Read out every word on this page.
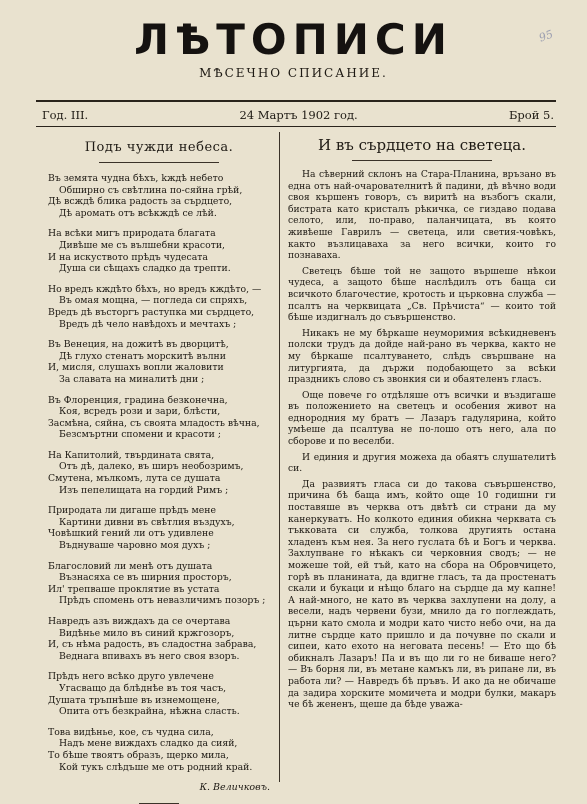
95
ЛѢТОПИСИ
МѢСЕЧНО СПИСАНИЕ.
Год. III.	24 Мартъ 1902 год.	Брой 5.
Подъ чужди небеса.
Въ земята чудна бѣхъ, kждѣ небето
Обширно съ свѣтлина по-сяйна грѣй,
Дѣ всждѣ блика радость за сърдцето,
Дѣ аромать отъ всѣкждѣ се лѣй.
На всѣки мигъ природата благата
Дивѣше ме съ вълшебни красоти,
И на искуството прѣдъ чудесата
Душа си сѣщахъ сладко да трепти.
Но вредъ кждѣто бѣхъ, но вредъ кждѣто, —
Въ омая мощна, — погледа си спряхъ,
Вредъ дѣ въсторгъ раступка ми сърдцето,
Вредъ дѣ чело навѣдохъ и мечтахъ ;
Въ Венеция, на дожитѣ въ дворцитѣ,
Дѣ глухо стенатъ морскитѣ вълни
И, мисля, слушахъ вопли жаловити
За славата на миналитѣ дни ;
Въ Флоренция, градина безконечна,
Коя, всредъ рози и зари, блѣсти,
Засмѣна, сяйна, съ своята младость вѣчна,
Безсмъртни спомени и красоти ;
На Капитолий, твърдината свята,
Отъ дѣ, далеко, въ ширъ необозримъ,
Смутена, мълкомъ, лута се душата
Изъ пепелищата на гордий Римъ ;
Природата ли дигаше прѣдъ мене
Картини дивни въ свѣтлия въздухъ,
Човѣшкий гений ли отъ удивлене
Въднуваше чаровно моя духъ ;
Благословий ли менѣ отъ душата
Възнасяха се въ ширния просторъ,
Ил' трепваше проклятие въ устата
Прѣдъ спомень отъ невазличимъ позоръ ;
Навредъ азъ виждахъ да се очертава
Видѣнье мило въ синий кржгозоръ,
И, съ нѣма радость, въ сладостна забрава,
Веднага впивахъ въ него своя взоръ.
Прѣдъ него всѣко друго увлечене
Угасващо да блѣднѣе въ тоя часъ,
Душата тръпнѣше въ изнемощене,
Опита отъ безкрайна, нѣжна сласть.
Това видѣнье, кое, съ чудна сила,
Надъ мене виждахъ сладко да сияй,
То бѣше твоятъ образъ, щерко мила,
Кой тукъ слѣдъше ме отъ родний край.
К. Величковъ.
И въ сърдцето на светеца.

На сѣверний склонъ на Стара-Планина, връзано въ една отъ най-очарователнитѣ й падини, дѣ вѣчно води своя кършенъ говоръ, съ виритѣ на възбогъ скали, бистрата като кристалъ рѣкичка, се гиздаво подава селото, или, по-право, паланчицата, въ която живѣеше Гаврилъ — светеца, или светия-човѣкъ, както възлицаваха за него всички, които го познаваха.

Светецъ бѣше той не защото вършеше нѣкои чудеса, а защото бѣше наслѣдилъ отъ баща си всичкото благочестие, кротость и църковна служба — псалтъ на черквицата „Св. Прѣчиста“ — които той бѣше издигналъ до съвършенство.

Никакъ не му бѣркаше неуморимия всѣкидневенъ полски трудъ да дойде най-рано въ черква, както не му бѣркаше псалтуването, слѣдъ свършване на литургията, да държи подобающето за всѣки праздникъ слово съ звонкия си и обаятеленъ гласъ.

Още повече го отдѣляше отъ всички и въздигаше въ положението на светецъ и особения живот на еднородния му братъ — Лазаръ гадулярина, който умѣеше да псалтува не по-лошо отъ него, ала по сборове и по веселби.

И единия и другия можеха да обаятъ слушателитѣ си.

Да развиятъ гласа си до такова съвършенство, причина бѣ баща имъ, който още 10 годишни ги поставяше въ черква отъ двѣтѣ си страни да му канеркуватъ. Но колкото единия обикна черквата съ тъкковата си служба, толкова другиять остана хладенъ към нея. За него гуслата бѣ и Богъ и черква. Захлупване го нѣкакъ си черковния сводъ; — не можеше той, ей тъй, като на сбора на Обровчицето, горѣ въ планината, да вдигне гласъ, та да простенатъ скали и букаци и нѣщо благо на сърдце да му капне! А най-много, не като въ черква захлупени на долу, а весели, надъ червени бузи, мнило да го поглеждать, църни като смола и модри като чисто небо очи, на да литне сърдце като пришло и да почувне по скали и сипеи, като ехото на неговата песень! — Ето що бѣ обикналъ Лазаръ! Па и въ що ли го не биваше него? — Въ борня ли, въ метане камъкъ ли, въ рипане ли, въ работа ли? — Навредъ бѣ пръвъ. И ако да не обичаше да задира хорските момичета и модри булки, макаръ че бѣ жененъ, щеше да бѣде уважа-
